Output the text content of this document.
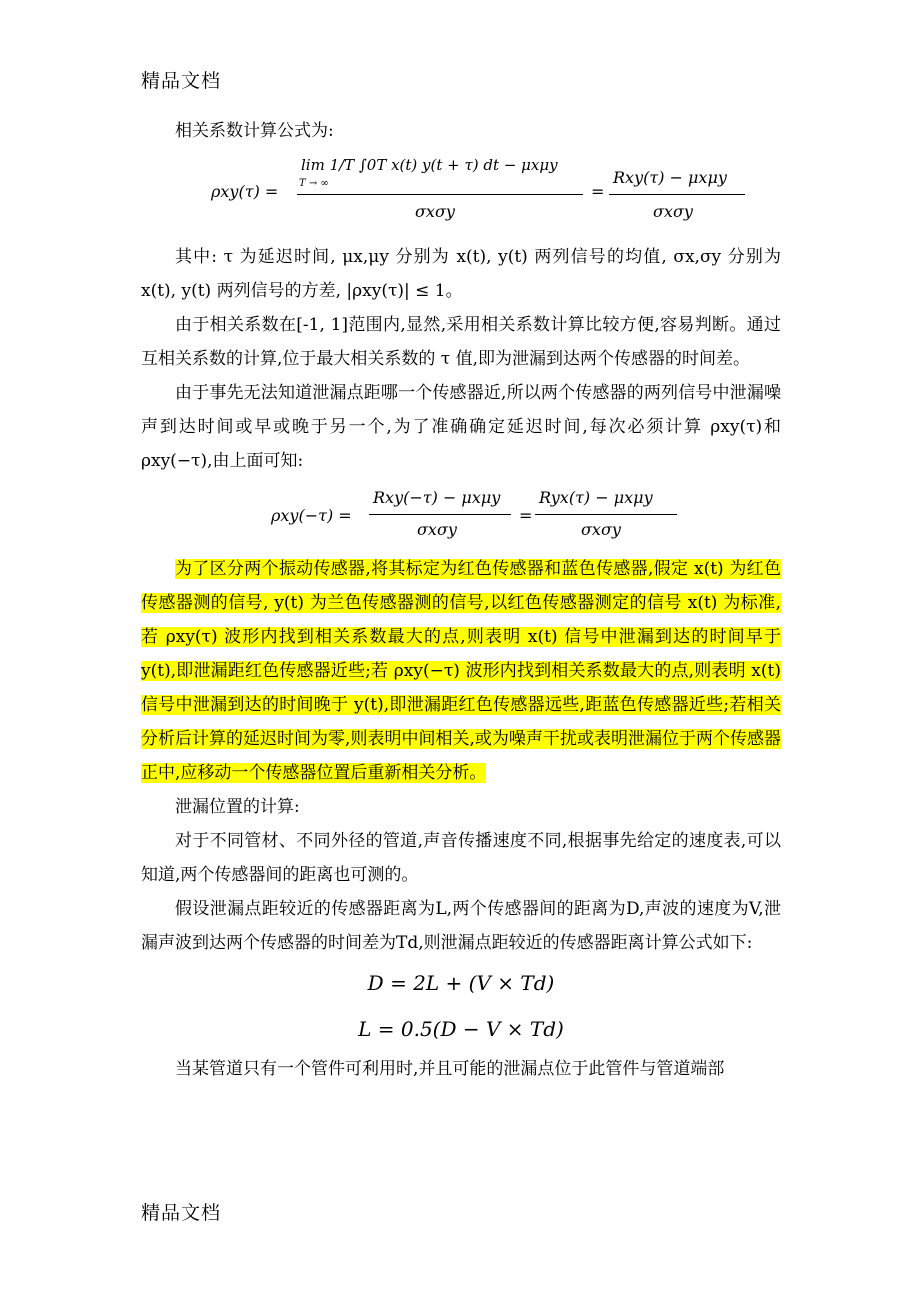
精品文档

相关系数计算公式为:

ρxy(τ) =
lim 1/T ∫0T x(t) y(t + τ) dt − μxμy
T → ∞
σxσy
=
Rxy(τ) − μxμy
σxσy

其中: τ 为延迟时间, μx,μy 分别为 x(t), y(t) 两列信号的均值, σx,σy 分别为 x(t), y(t) 两列信号的方差, |ρxy(τ)| ≤ 1。

由于相关系数在[-1, 1]范围内,显然,采用相关系数计算比较方便,容易判断。通过互相关系数的计算,位于最大相关系数的 τ 值,即为泄漏到达两个传感器的时间差。

由于事先无法知道泄漏点距哪一个传感器近,所以两个传感器的两列信号中泄漏噪声到达时间或早或晚于另一个,为了准确确定延迟时间,每次必须计算 ρxy(τ)和ρxy(−τ),由上面可知:

ρxy(−τ) =
Rxy(−τ) − μxμy
σxσy
=
Ryx(τ) − μxμy
σxσy

为了区分两个振动传感器,将其标定为红色传感器和蓝色传感器,假定 x(t) 为红色传感器测的信号, y(t) 为兰色传感器测的信号,以红色传感器测定的信号 x(t) 为标准,若 ρxy(τ) 波形内找到相关系数最大的点,则表明 x(t) 信号中泄漏到达的时间早于 y(t),即泄漏距红色传感器近些;若 ρxy(−τ) 波形内找到相关系数最大的点,则表明 x(t) 信号中泄漏到达的时间晚于 y(t),即泄漏距红色传感器远些,距蓝色传感器近些;若相关分析后计算的延迟时间为零,则表明中间相关,或为噪声干扰或表明泄漏位于两个传感器正中,应移动一个传感器位置后重新相关分析。

泄漏位置的计算:

对于不同管材、不同外径的管道,声音传播速度不同,根据事先给定的速度表,可以知道,两个传感器间的距离也可测的。

假设泄漏点距较近的传感器距离为L,两个传感器间的距离为D,声波的速度为V,泄漏声波到达两个传感器的时间差为Td,则泄漏点距较近的传感器距离计算公式如下:

D = 2L + (V × Td)
L = 0.5(D − V × Td)

当某管道只有一个管件可利用时,并且可能的泄漏点位于此管件与管道端部

精品文档
